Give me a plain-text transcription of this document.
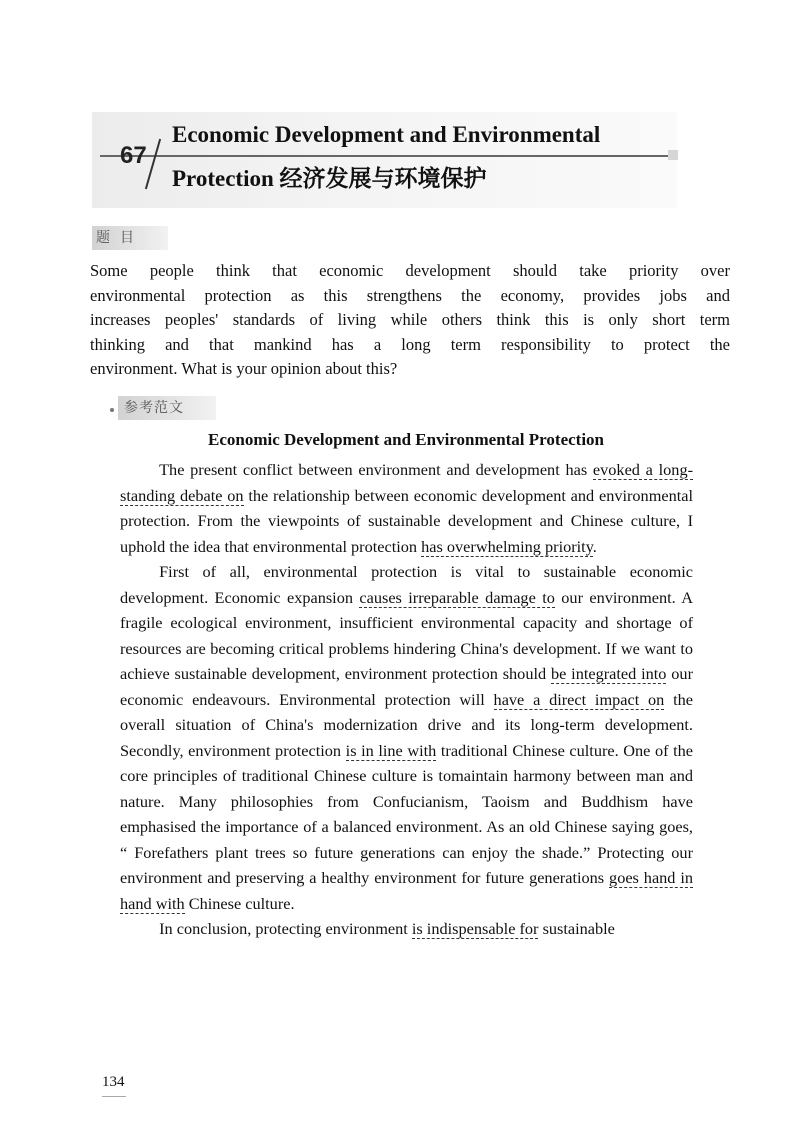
67
Economic Development and Environmental
Protection 经济发展与环境保护
题目
Some people think that economic development should take priority over
environmental protection as this strengthens the economy, provides jobs and
increases peoples' standards of living while others think this is only short term
thinking and that mankind has a long term responsibility to protect the
environment. What is your opinion about this?
参考范文
Economic Development and Environmental Protection

The present conflict between environment and development has evoked a long-standing debate on the relationship between economic development and environmental protection. From the viewpoints of sustainable development and Chinese culture, I uphold the idea that environmental protection has overwhelming priority.

First of all, environmental protection is vital to sustainable economic development. Economic expansion causes irreparable damage to our environment. A fragile ecological environment, insufficient environmental capacity and shortage of resources are becoming critical problems hindering China's development. If we want to achieve sustainable development, environment protection should be integrated into our economic endeavours. Environmental protection will have a direct impact on the overall situation of China's modernization drive and its long-term development. Secondly, environment protection is in line with traditional Chinese culture. One of the core principles of traditional Chinese culture is tomaintain harmony between man and nature. Many philosophies from Confucianism, Taoism and Buddhism have emphasised the importance of a balanced environment. As an old Chinese saying goes, “ Forefathers plant trees so future generations can enjoy the shade.” Protecting our environment and preserving a healthy environment for future generations goes hand in hand with Chinese culture.

In conclusion, protecting environment is indispensable for sustainable

134
